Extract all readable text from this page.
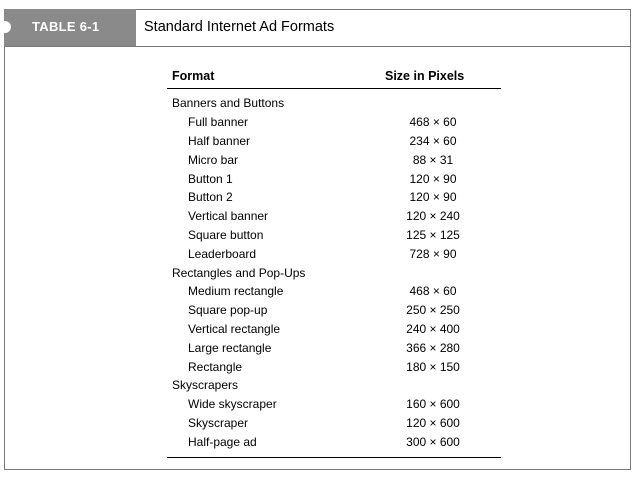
TABLE 6-1	Standard Internet Ad Formats
Format	Size in Pixels
Banners and Buttons	
Full banner	468 × 60
Half banner	234 × 60
Micro bar	88 × 31
Button 1	120 × 90
Button 2	120 × 90
Vertical banner	120 × 240
Square button	125 × 125
Leaderboard	728 × 90
Rectangles and Pop-Ups	
Medium rectangle	468 × 60
Square pop-up	250 × 250
Vertical rectangle	240 × 400
Large rectangle	366 × 280
Rectangle	180 × 150
Skyscrapers	
Wide skyscraper	160 × 600
Skyscraper	120 × 600
Half-page ad	300 × 600
